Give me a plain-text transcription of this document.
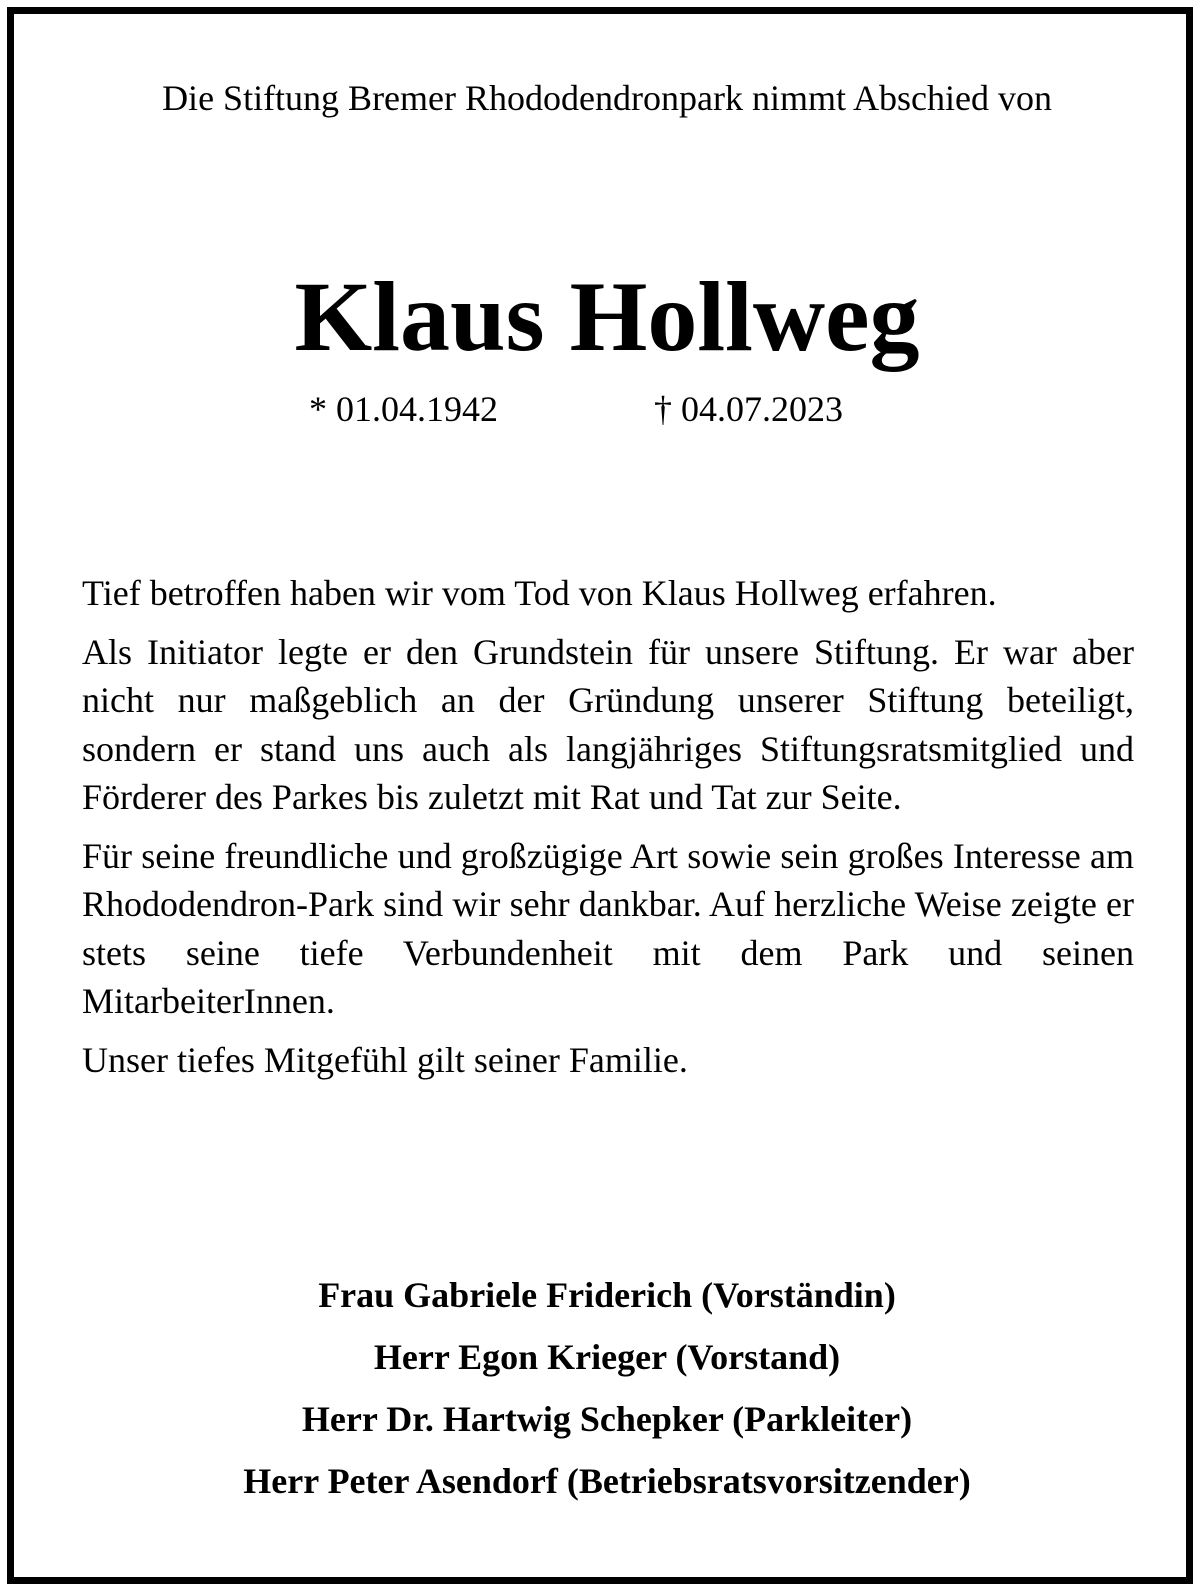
Die Stiftung Bremer Rhododendronpark nimmt Abschied von

Klaus Hollweg
* 01.04.1942	† 04.07.2023

Tief betroffen haben wir vom Tod von Klaus Hollweg erfahren.

Als Initiator legte er den Grundstein für unsere Stiftung. Er war aber nicht nur maßgeblich an der Gründung unserer Stiftung beteiligt, sondern er stand uns auch als langjähriges Stiftungsratsmitglied und Förderer des Parkes bis zuletzt mit Rat und Tat zur Seite.

Für seine freundliche und großzügige Art sowie sein großes Interesse am Rhododendron-Park sind wir sehr dankbar. Auf herzliche Weise zeigte er stets seine tiefe Verbundenheit mit dem Park und seinen MitarbeiterInnen.

Unser tiefes Mitgefühl gilt seiner Familie.

Frau Gabriele Friderich (Vorständin)
Herr Egon Krieger (Vorstand)
Herr Dr. Hartwig Schepker (Parkleiter)
Herr Peter Asendorf (Betriebsratsvorsitzender)
